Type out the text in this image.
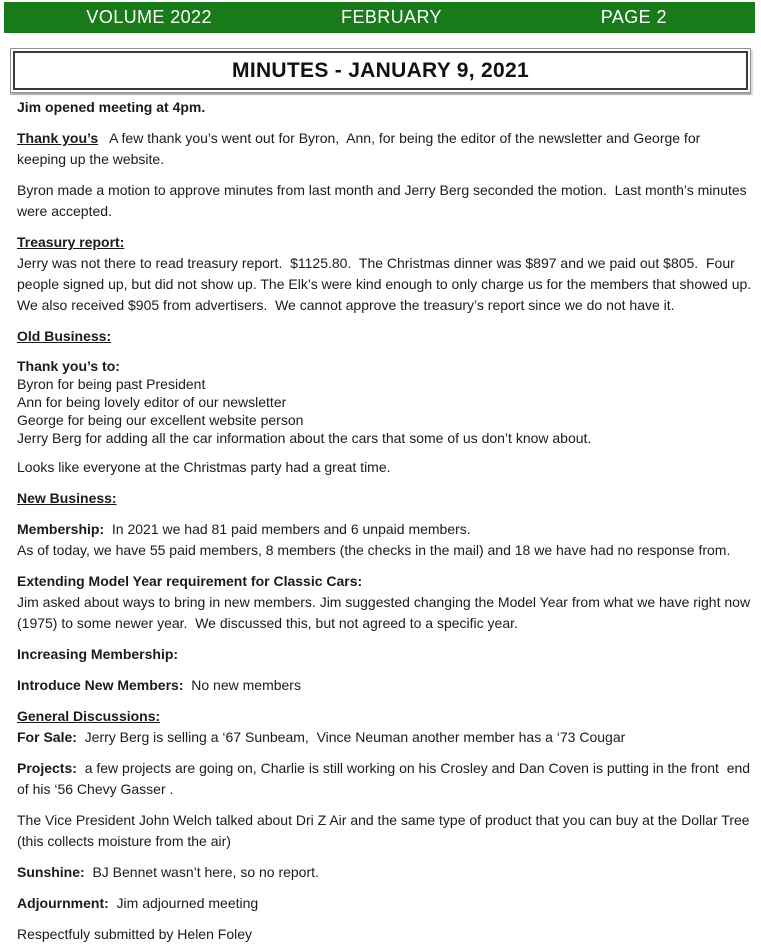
VOLUME 2022	FEBRUARY	PAGE 2
MINUTES - JANUARY 9, 2021
Jim opened meeting at 4pm.
Thank you’s   A few thank you’s went out for Byron,  Ann, for being the editor of the newsletter and George for
keeping up the website.
Byron made a motion to approve minutes from last month and Jerry Berg seconded the motion.  Last month’s minutes
were accepted.
Treasury report:
Jerry was not there to read treasury report.  $1125.80.  The Christmas dinner was $897 and we paid out $805.  Four
people signed up, but did not show up. The Elk’s were kind enough to only charge us for the members that showed up.
We also received $905 from advertisers.  We cannot approve the treasury’s report since we do not have it.
Old Business:
Thank you’s to:
Byron for being past President
Ann for being lovely editor of our newsletter
George for being our excellent website person
Jerry Berg for adding all the car information about the cars that some of us don’t know about.
Looks like everyone at the Christmas party had a great time.
New Business:
Membership:  In 2021 we had 81 paid members and 6 unpaid members.
As of today, we have 55 paid members, 8 members (the checks in the mail) and 18 we have had no response from.
Extending Model Year requirement for Classic Cars:
Jim asked about ways to bring in new members. Jim suggested changing the Model Year from what we have right now
(1975) to some newer year.  We discussed this, but not agreed to a specific year.
Increasing Membership:
Introduce New Members:  No new members
General Discussions:
For Sale:  Jerry Berg is selling a ‘67 Sunbeam,  Vince Neuman another member has a ‘73 Cougar
Projects:  a few projects are going on, Charlie is still working on his Crosley and Dan Coven is putting in the front  end
of his ‘56 Chevy Gasser .
The Vice President John Welch talked about Dri Z Air and the same type of product that you can buy at the Dollar Tree
(this collects moisture from the air)
Sunshine:  BJ Bennet wasn’t here, so no report.
Adjournment:  Jim adjourned meeting
Respectfuly submitted by Helen Foley
